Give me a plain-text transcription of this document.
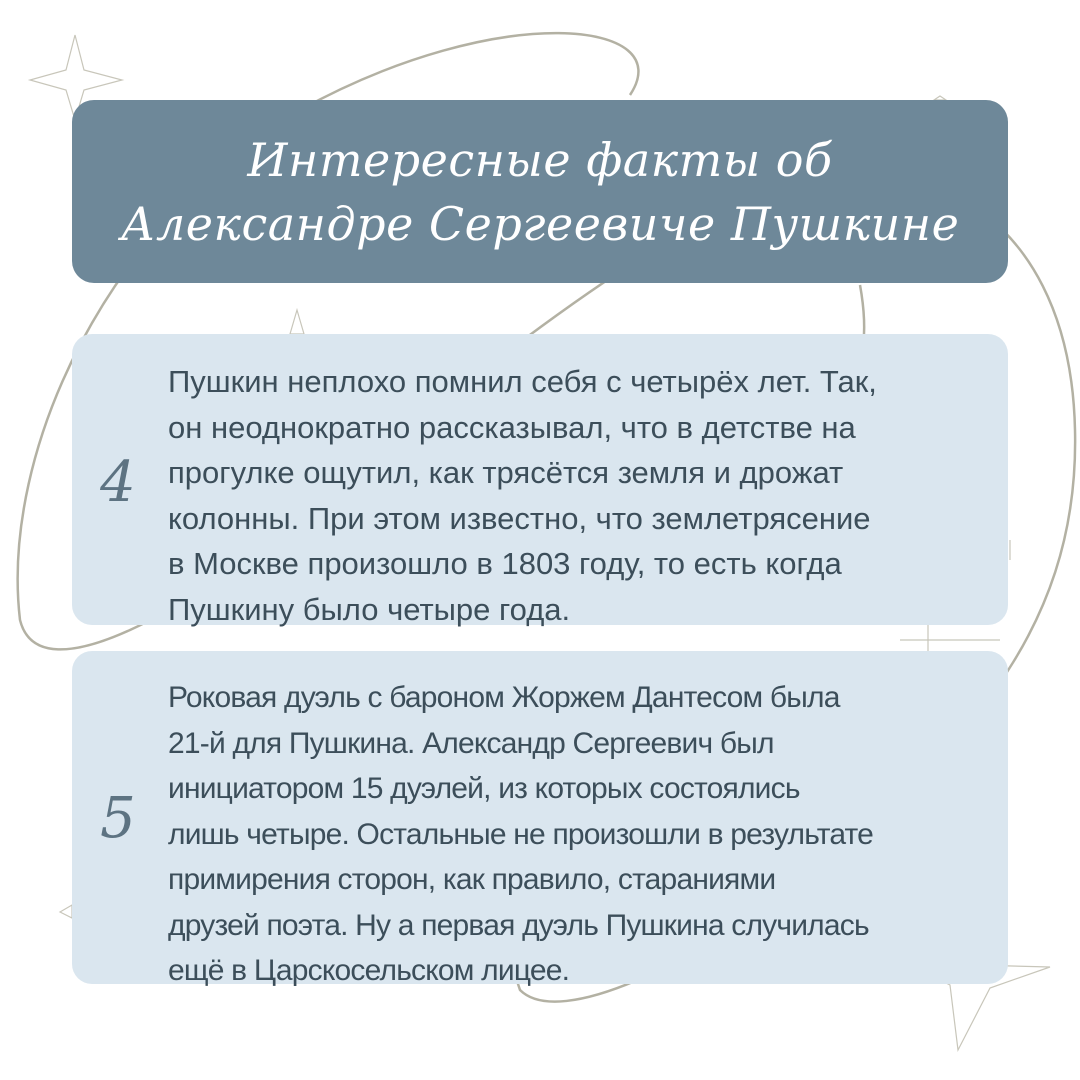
Интересные факты об
Александре Сергеевиче Пушкине
4
Пушкин неплохо помнил себя с четырёх лет. Так,
он неоднократно рассказывал, что в детстве на
прогулке ощутил, как трясётся земля и дрожат
колонны. При этом известно, что землетрясение
в Москве произошло в 1803 году, то есть когда
Пушкину было четыре года.
5
Роковая дуэль с бароном Жоржем Дантесом была
21-й для Пушкина. Александр Сергеевич был
инициатором 15 дуэлей, из которых состоялись
лишь четыре. Остальные не произошли в результате
примирения сторон, как правило, стараниями
друзей поэта. Ну а первая дуэль Пушкина случилась
ещё в Царскосельском лицее.
